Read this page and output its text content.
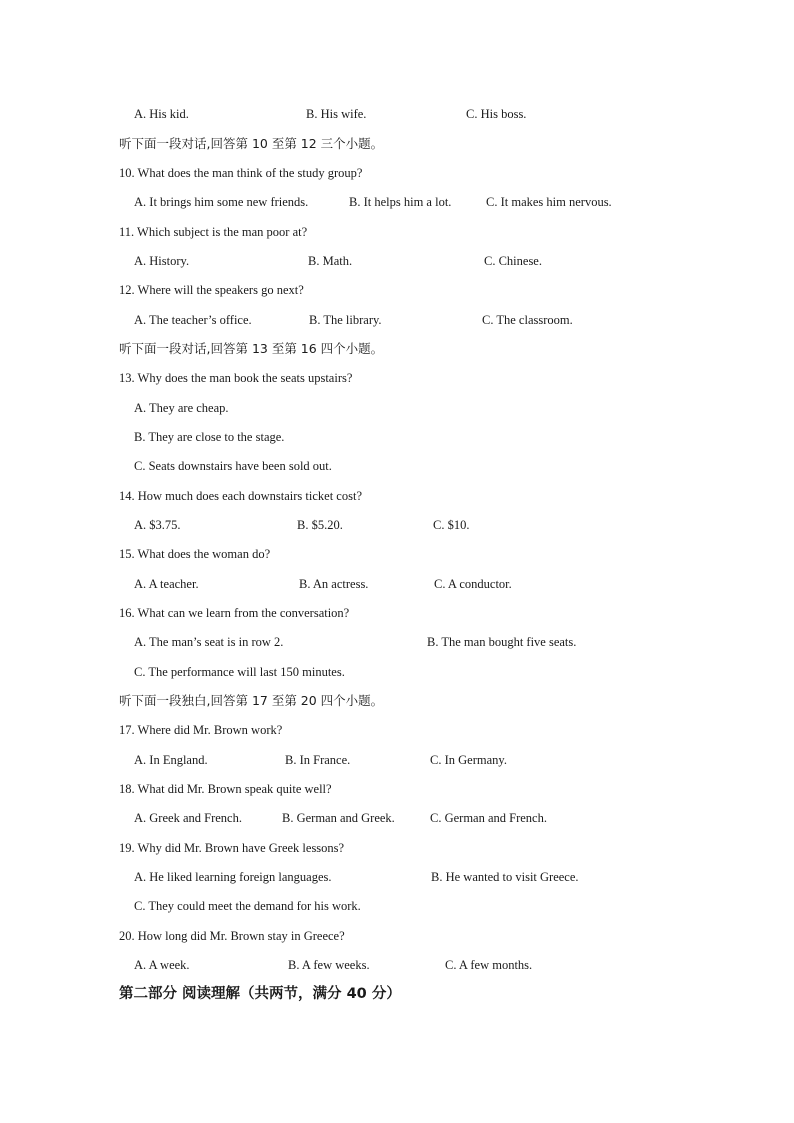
A. His kid.	B. His wife.	C. His boss.
听下面一段对话,回答第 10 至第 12 三个小题。
10. What does the man think of the study group?
A. It brings him some new friends.	B. It helps him a lot.	C. It makes him nervous.
11. Which subject is the man poor at?
A. History.	B. Math.	C. Chinese.
12. Where will the speakers go next?
A. The teacher’s office.	B. The library.	C. The classroom.
听下面一段对话,回答第 13 至第 16 四个小题。
13. Why does the man book the seats upstairs?
A. They are cheap.
B. They are close to the stage.
C. Seats downstairs have been sold out.
14. How much does each downstairs ticket cost?
A. $3.75.	B. $5.20.	C. $10.
15. What does the woman do?
A. A teacher.	B. An actress.	C. A conductor.
16. What can we learn from the conversation?
A. The man’s seat is in row 2.	B. The man bought five seats.
C. The performance will last 150 minutes.
听下面一段独白,回答第 17 至第 20 四个小题。
17. Where did Mr. Brown work?
A. In England.	B. In France.	C. In Germany.
18. What did Mr. Brown speak quite well?
A. Greek and French.	B. German and Greek.	C. German and French.
19. Why did Mr. Brown have Greek lessons?
A. He liked learning foreign languages.	B. He wanted to visit Greece.
C. They could meet the demand for his work.
20. How long did Mr. Brown stay in Greece?
A. A week.	B. A few weeks.	C. A few months.
第二部分 阅读理解（共两节，满分 40 分）
